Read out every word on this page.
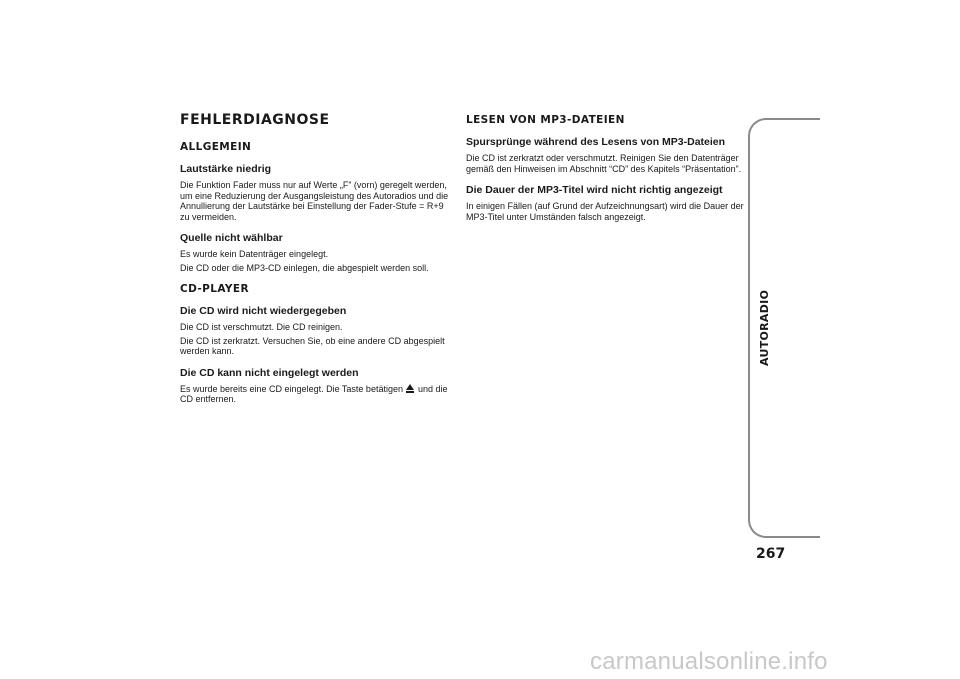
FEHLERDIAGNOSE
ALLGEMEIN
Lautstärke niedrig
Die Funktion Fader muss nur auf Werte „F” (vorn) geregelt werden, um eine Reduzierung der Ausgangsleistung des Autoradios und die Annullierung der Lautstärke bei Einstellung der Fader-Stufe = R+9 zu vermeiden.
Quelle nicht wählbar
Es wurde kein Datenträger eingelegt.
Die CD oder die MP3-CD einlegen, die abgespielt werden soll.
CD-PLAYER
Die CD wird nicht wiedergegeben
Die CD ist verschmutzt. Die CD reinigen.
Die CD ist zerkratzt. Versuchen Sie, ob eine andere CD abgespielt werden kann.
Die CD kann nicht eingelegt werden
Es wurde bereits eine CD eingelegt. Die Taste betätigen  und die CD entfernen.
LESEN VON MP3-DATEIEN
Spursprünge während des Lesens von MP3-Dateien
Die CD ist zerkratzt oder verschmutzt. Reinigen Sie den Datenträger gemäß den Hinweisen im Abschnitt “CD” des Kapitels “Präsentation”.
Die Dauer der MP3-Titel wird nicht richtig angezeigt
In einigen Fällen (auf Grund der Aufzeichnungsart) wird die Dauer der MP3-Titel unter Umständen falsch angezeigt.
AUTORADIO
267
carmanualsonline.info
